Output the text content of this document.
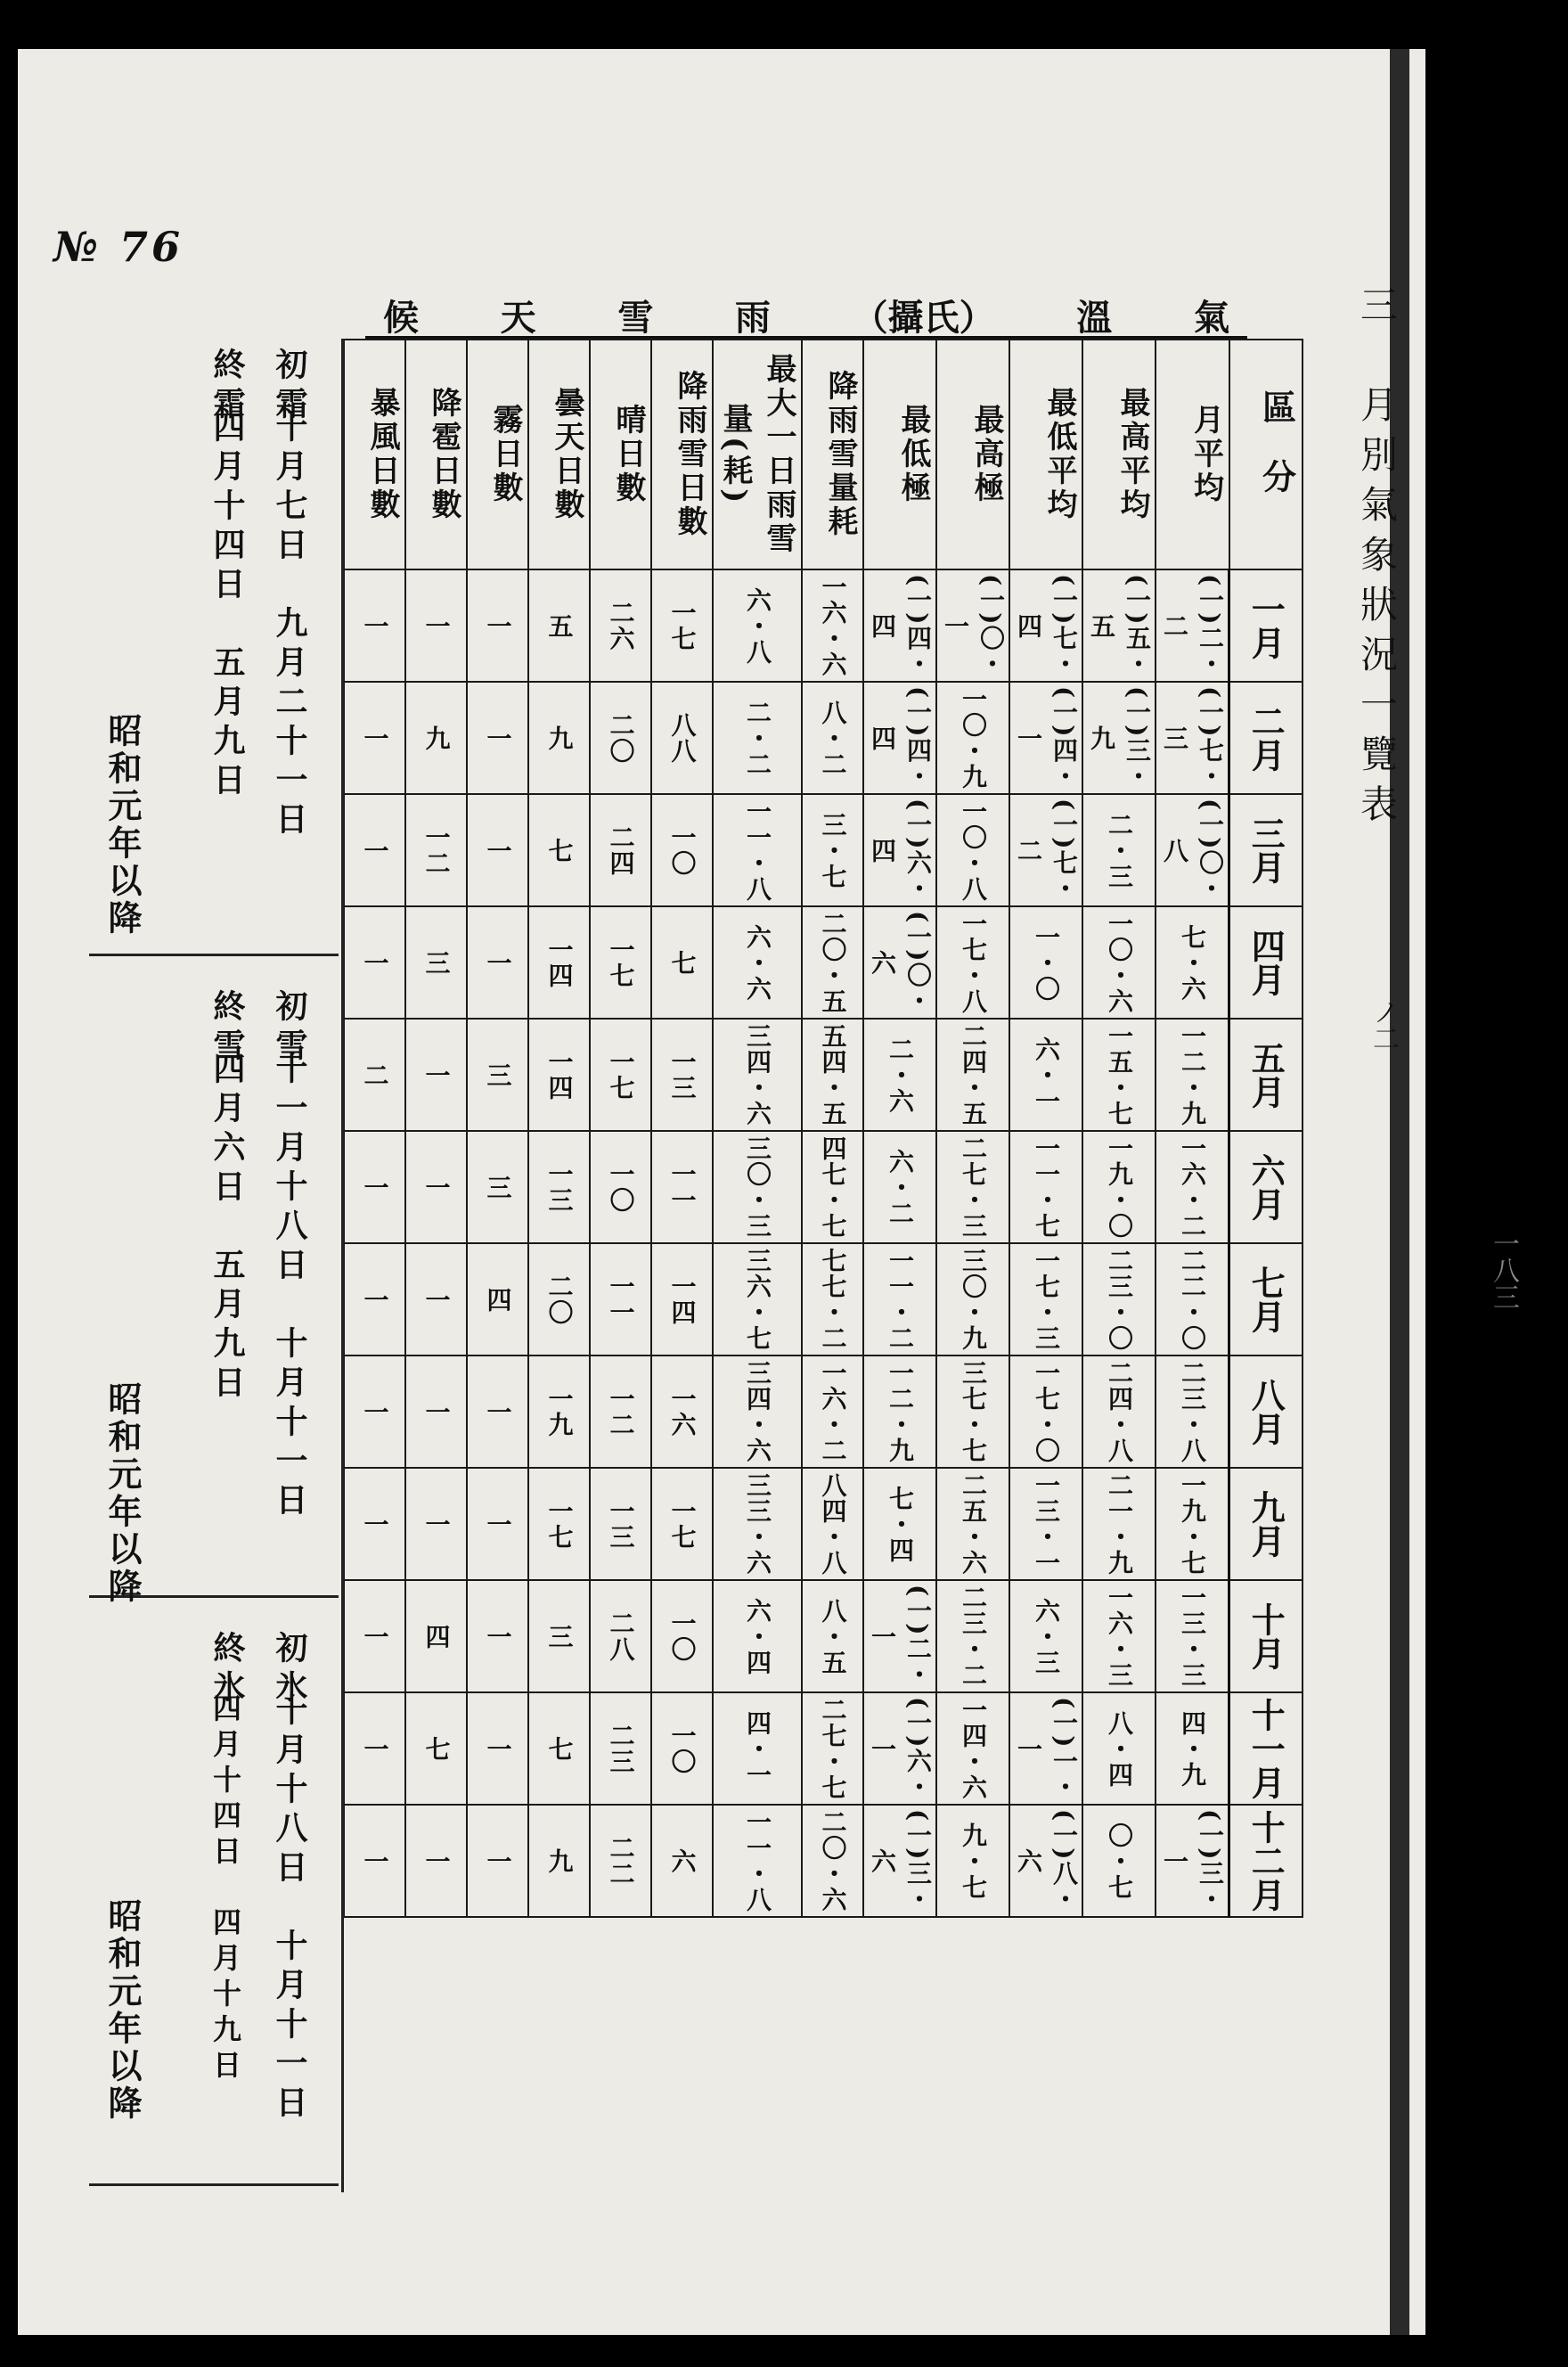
№ 76
三　月別氣象狀況一覽表
ノ二
一八三
候 天 雪 雨 （攝氏） 溫 氣
暴風日數	降雹日數	霧日數	曇天日數	晴日數	降雨雪日數	最大一日雨雪量(耗)	降雨雪量耗	最低極	最高極	最低平均	最高平均	月平均	區分
一	一	一	五	二六	一七	六・八	一六・六	(一)四・四	(一)〇・一	(一)七・四	(一)五・五	(一)二・二	一月
一	九	一	九	二〇	八八	二・二	八・二	(一)四・四	一〇・九	(一)四・一	(一)三・九	(一)七・三	二月
一	一二	一	七	二四	一〇	一一・八	三・七	(一)六・四	一〇・八	(一)七・二	二・三	(一)〇・八	三月
一	三	一	一四	一七	七	六・六	二〇・五	(一)〇・六	一七・八	一・〇	一〇・六	七・六	四月
二	一	三	一四	一七	一三	三四・六	五四・五	二・六	二四・五	六・一	一五・七	一二・九	五月
一	一	三	一三	一〇	一一	三〇・三	四七・七	六・二	二七・三	一一・七	一九・〇	一六・二	六月
一	一	四	二〇	一一	一四	三六・七	七七・二	一一・二	三〇・九	一七・三	二三・〇	二二・〇	七月
一	一	一	一九	一二	一六	三四・六	一六・二	一二・九	三七・七	一七・〇	二四・八	二三・八	八月
一	一	一	一七	一三	一七	三三・六	八四・八	七・四	二五・六	一三・一	二一・九	一九・七	九月
一	四	一	三	二八	一〇	六・四	八・五	(一)二・一	二三・二	六・三	一六・三	一三・三	十月
一	七	一	七	二三	一〇	四・一	二七・七	(一)六・一	一四・六	(一)一・一	八・四	四・九	十一月
一	一	一	九	二二	六	一一・八	二〇・六	(一)三・六	九・七	(一)八・六	〇・七	(一)三・一	十二月
初霜
十月七日　九月二十一日
終霜
四月十四日　五月九日
昭和元年以降
初雪
十一月十八日　十月十一日
終雪
四月六日　五月九日
昭和元年以降
初氷
十月十八日　十月十一日
終氷
四月十四日　四月十九日
昭和元年以降
